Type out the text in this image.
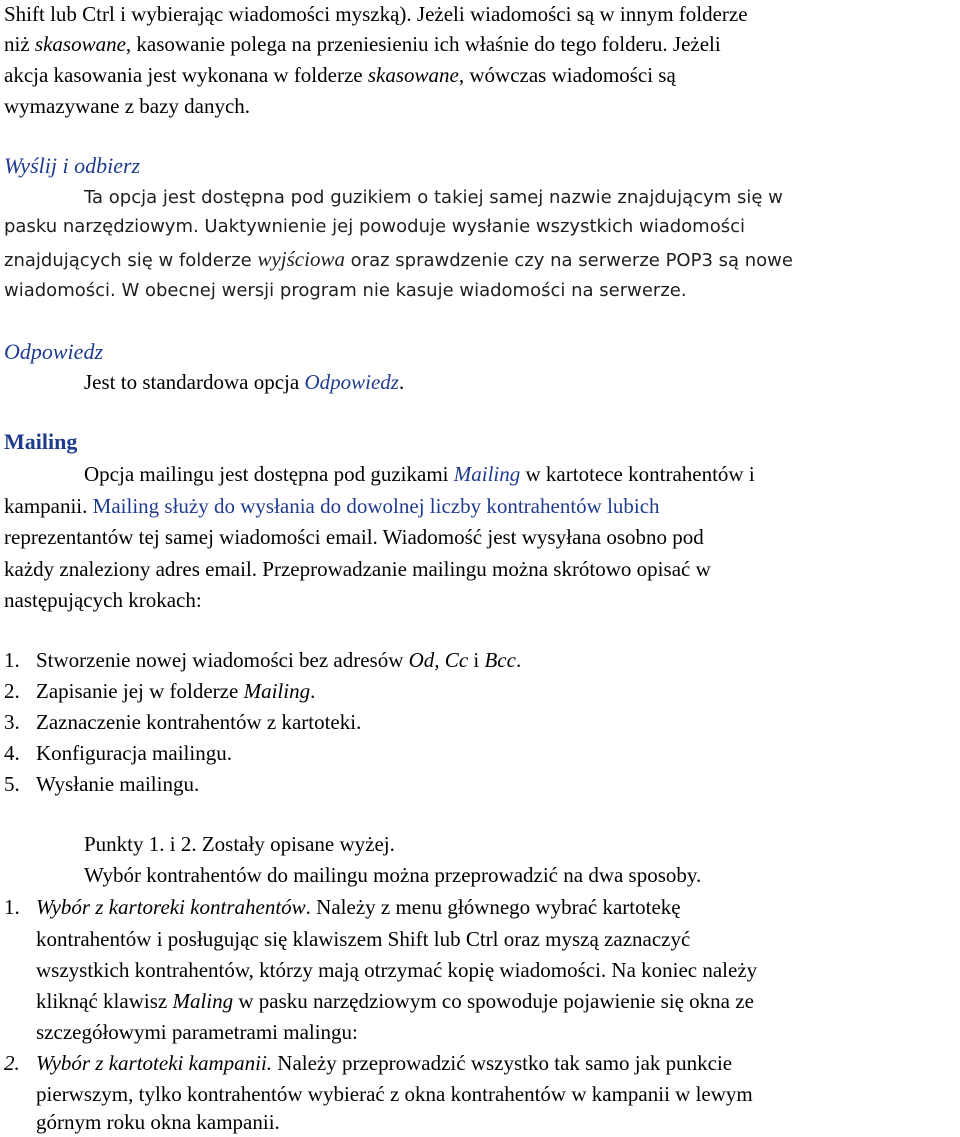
Shift lub Ctrl i wybierając wiadomości myszką). Jeżeli wiadomości są w innym folderze
niż skasowane, kasowanie polega na przeniesieniu ich właśnie do tego folderu. Jeżeli
akcja kasowania jest wykonana w folderze skasowane, wówczas wiadomości są
wymazywane z bazy danych.
Wyślij i odbierz
Ta opcja jest dostępna pod guzikiem o takiej samej nazwie znajdującym się w
pasku narzędziowym. Uaktywnienie jej powoduje wysłanie wszystkich wiadomości
znajdujących się w folderze wyjściowa oraz sprawdzenie czy na serwerze POP3 są nowe
wiadomości. W obecnej wersji program nie kasuje wiadomości na serwerze.
Odpowiedz
Jest to standardowa opcja Odpowiedz.
Mailing
Opcja mailingu jest dostępna pod guzikami Mailing w kartotece kontrahentów i
kampanii. Mailing służy do wysłania do dowolnej liczby kontrahentów lubich
reprezentantów tej samej wiadomości email. Wiadomość jest wysyłana osobno pod
każdy znaleziony adres email. Przeprowadzanie mailingu można skrótowo opisać w
następujących krokach:
1. Stworzenie nowej wiadomości bez adresów Od, Cc i Bcc.
2. Zapisanie jej w folderze Mailing.
3. Zaznaczenie kontrahentów z kartoteki.
4. Konfiguracja mailingu.
5. Wysłanie mailingu.
Punkty 1. i 2. Zostały opisane wyżej.
Wybór kontrahentów do mailingu można przeprowadzić na dwa sposoby.
1. Wybór z kartoreki kontrahentów. Należy z menu głównego wybrać kartotekę
kontrahentów i posługując się klawiszem Shift lub Ctrl oraz myszą zaznaczyć
wszystkich kontrahentów, którzy mają otrzymać kopię wiadomości. Na koniec należy
kliknąć klawisz Maling w pasku narzędziowym co spowoduje pojawienie się okna ze
szczegółowymi parametrami malingu:
2. Wybór z kartoteki kampanii. Należy przeprowadzić wszystko tak samo jak punkcie
pierwszym, tylko kontrahentów wybierać z okna kontrahentów w kampanii w lewym
górnym roku okna kampanii.
